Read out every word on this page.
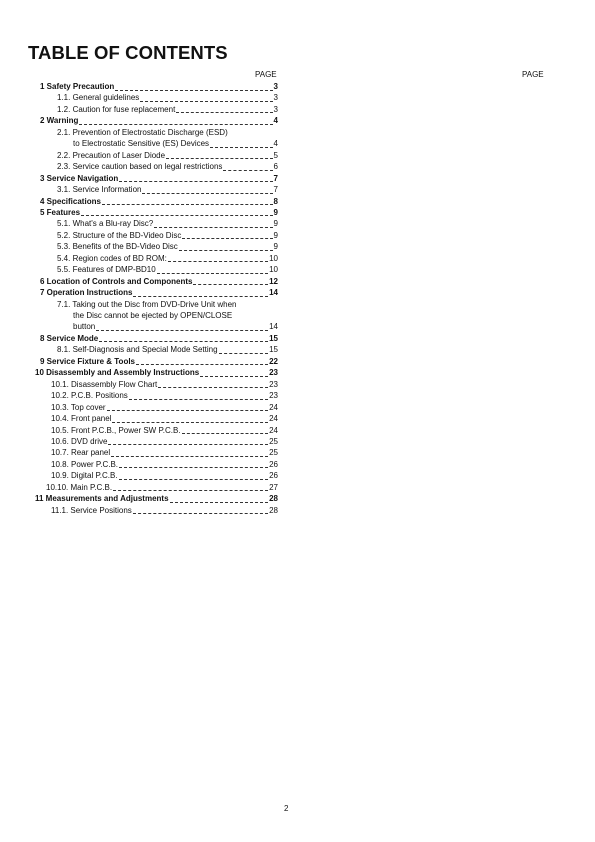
TABLE OF CONTENTS
PAGE	PAGE
1 Safety Precaution	3
1.1. General guidelines	3
1.2. Caution for fuse replacement	3
2 Warning	4
2.1. Prevention of Electrostatic Discharge (ESD)
to Electrostatic Sensitive (ES) Devices	4
2.2. Precaution of Laser Diode	5
2.3. Service caution based on legal restrictions	6
3 Service Navigation	7
3.1. Service Information	7
4 Specifications	8
5 Features	9
5.1. What's a Blu-ray Disc?	9
5.2. Structure of the BD-Video Disc	9
5.3. Benefits of the BD-Video Disc	9
5.4. Region codes of BD ROM:	10
5.5. Features of DMP-BD10	10
6 Location of Controls and Components	12
7 Operation Instructions	14
7.1. Taking out the Disc from DVD-Drive Unit when
the Disc cannot be ejected by OPEN/CLOSE
button	14
8 Service Mode	15
8.1. Self-Diagnosis and Special Mode Setting	15
9 Service Fixture & Tools	22
10 Disassembly and Assembly Instructions	23
10.1. Disassembly Flow Chart	23
10.2. P.C.B. Positions	23
10.3. Top cover	24
10.4. Front panel	24
10.5. Front P.C.B., Power SW P.C.B.	24
10.6. DVD drive	25
10.7. Rear panel	25
10.8. Power P.C.B.	26
10.9. Digital P.C.B.	26
10.10. Main P.C.B.	27
11 Measurements and Adjustments	28
11.1. Service Positions	28
2
